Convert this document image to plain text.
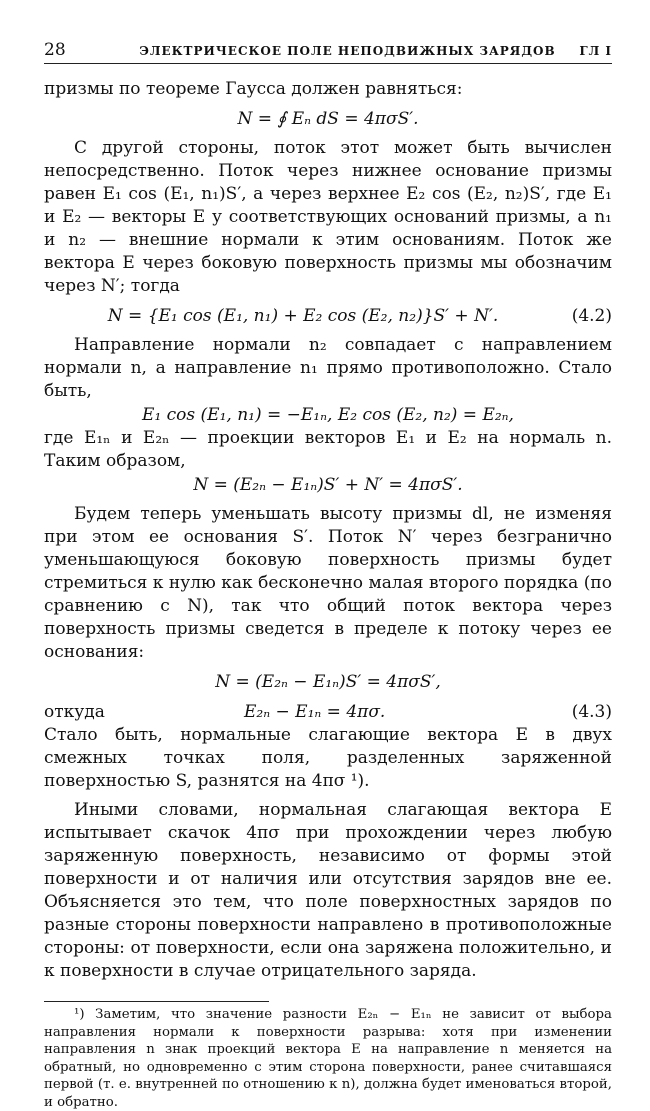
28	ЭЛЕКТРИЧЕСКОЕ ПОЛЕ НЕПОДВИЖНЫХ ЗАРЯДОВ ГЛ I

призмы по теореме Гаусса должен равняться:

N = ∮ Eₙ dS = 4πσS′.

С другой стороны, поток этот может быть вычислен непосредственно. Поток через нижнее основание призмы равен E₁ cos (E₁, n₁)S′, а через верхнее E₂ cos (E₂, n₂)S′, где E₁ и E₂ — векторы E у соответствующих оснований призмы, а n₁ и n₂ — внешние нормали к этим основаниям. Поток же вектора E через боковую поверхность призмы мы обозначим через N′; тогда

N = {E₁ cos (E₁, n₁) + E₂ cos (E₂, n₂)}S′ + N′.	(4.2)

Направление нормали n₂ совпадает с направлением нормали n, а направление n₁ прямо противоположно. Стало быть,

E₁ cos (E₁, n₁) = −E₁ₙ, E₂ cos (E₂, n₂) = E₂ₙ,

где E₁ₙ и E₂ₙ — проекции векторов E₁ и E₂ на нормаль n. Таким образом,

N = (E₂ₙ − E₁ₙ)S′ + N′ = 4πσS′.

Будем теперь уменьшать высоту призмы dl, не изменяя при этом ее основания S′. Поток N′ через безгранично уменьшающуюся боковую поверхность призмы будет стремиться к нулю как бесконечно малая второго порядка (по сравнению с N), так что общий поток вектора через поверхность призмы сведется в пределе к потоку через ее основания:

N = (E₂ₙ − E₁ₙ)S′ = 4πσS′,
откуда	E₂ₙ − E₁ₙ = 4πσ.	(4.3)

Стало быть, нормальные слагающие вектора E в двух смежных точках поля, разделенных заряженной поверхностью S, разнятся на 4πσ ¹).

Иными словами, нормальная слагающая вектора E испытывает скачок 4πσ при прохождении через любую заряженную поверхность, независимо от формы этой поверхности и от наличия или отсутствия зарядов вне ее. Объясняется это тем, что поле поверхностных зарядов по разные стороны поверхности направлено в противоположные стороны: от поверхности, если она заряжена положительно, и к поверхности в случае отрицательного заряда.

¹) Заметим, что значение разности E₂ₙ − E₁ₙ не зависит от выбора направления нормали к поверхности разрыва: хотя при изменении направления n знак проекций вектора E на направление n меняется на обратный, но одновременно с этим сторона поверхности, ранее считавшаяся первой (т. е. внутренней по отношению к n), должна будет именоваться второй, и обратно.
